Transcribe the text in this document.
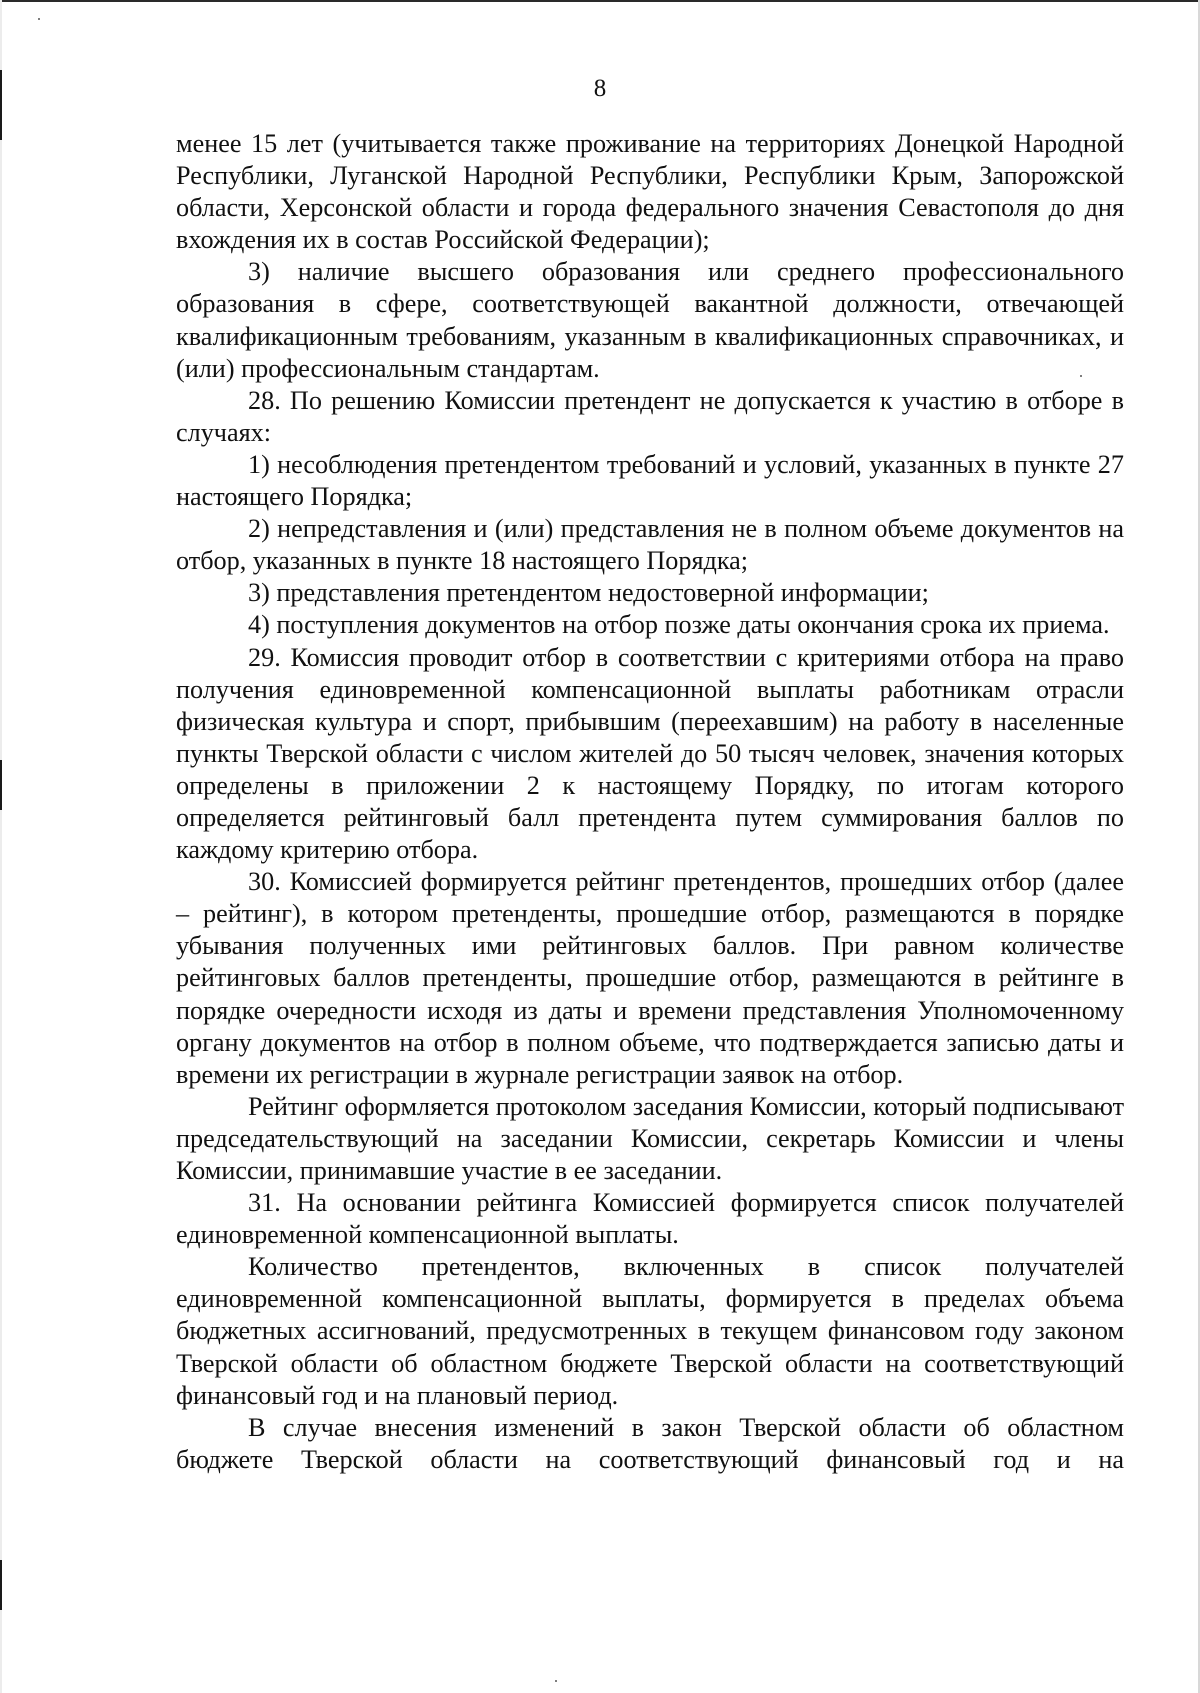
8

менее 15 лет (учитывается также проживание на территориях Донецкой Народной Республики, Луганской Народной Республики, Республики Крым, Запорожской области, Херсонской области и города федерального значения Севастополя до дня вхождения их в состав Российской Федерации);

3) наличие высшего образования или среднего профессионального образования в сфере, соответствующей вакантной должности, отвечающей квалификационным требованиям, указанным в квалификационных справочниках, и (или) профессиональным стандартам.

28. По решению Комиссии претендент не допускается к участию в отборе в случаях:

1) несоблюдения претендентом требований и условий, указанных в пункте 27 настоящего Порядка;

2) непредставления и (или) представления не в полном объеме документов на отбор, указанных в пункте 18 настоящего Порядка;

3) представления претендентом недостоверной информации;

4) поступления документов на отбор позже даты окончания срока их приема.

29. Комиссия проводит отбор в соответствии с критериями отбора на право получения единовременной компенсационной выплаты работникам отрасли физическая культура и спорт, прибывшим (переехавшим) на работу в населенные пункты Тверской области с числом жителей до 50 тысяч человек, значения которых определены в приложении 2 к настоящему Порядку, по итогам которого определяется рейтинговый балл претендента путем суммирования баллов по каждому критерию отбора.

30. Комиссией формируется рейтинг претендентов, прошедших отбор (далее – рейтинг), в котором претенденты, прошедшие отбор, размещаются в порядке убывания полученных ими рейтинговых баллов. При равном количестве рейтинговых баллов претенденты, прошедшие отбор, размещаются в рейтинге в порядке очередности исходя из даты и времени представления Уполномоченному органу документов на отбор в полном объеме, что подтверждается записью даты и времени их регистрации в журнале регистрации заявок на отбор.

Рейтинг оформляется протоколом заседания Комиссии, который подписывают председательствующий на заседании Комиссии, секретарь Комиссии и члены Комиссии, принимавшие участие в ее заседании.

31. На основании рейтинга Комиссией формируется список получателей единовременной компенсационной выплаты.

Количество претендентов, включенных в список получателей единовременной компенсационной выплаты, формируется в пределах объема бюджетных ассигнований, предусмотренных в текущем финансовом году законом Тверской области об областном бюджете Тверской области на соответствующий финансовый год и на плановый период.

В случае внесения изменений в закон Тверской области об областном бюджете Тверской области на соответствующий финансовый год и на
